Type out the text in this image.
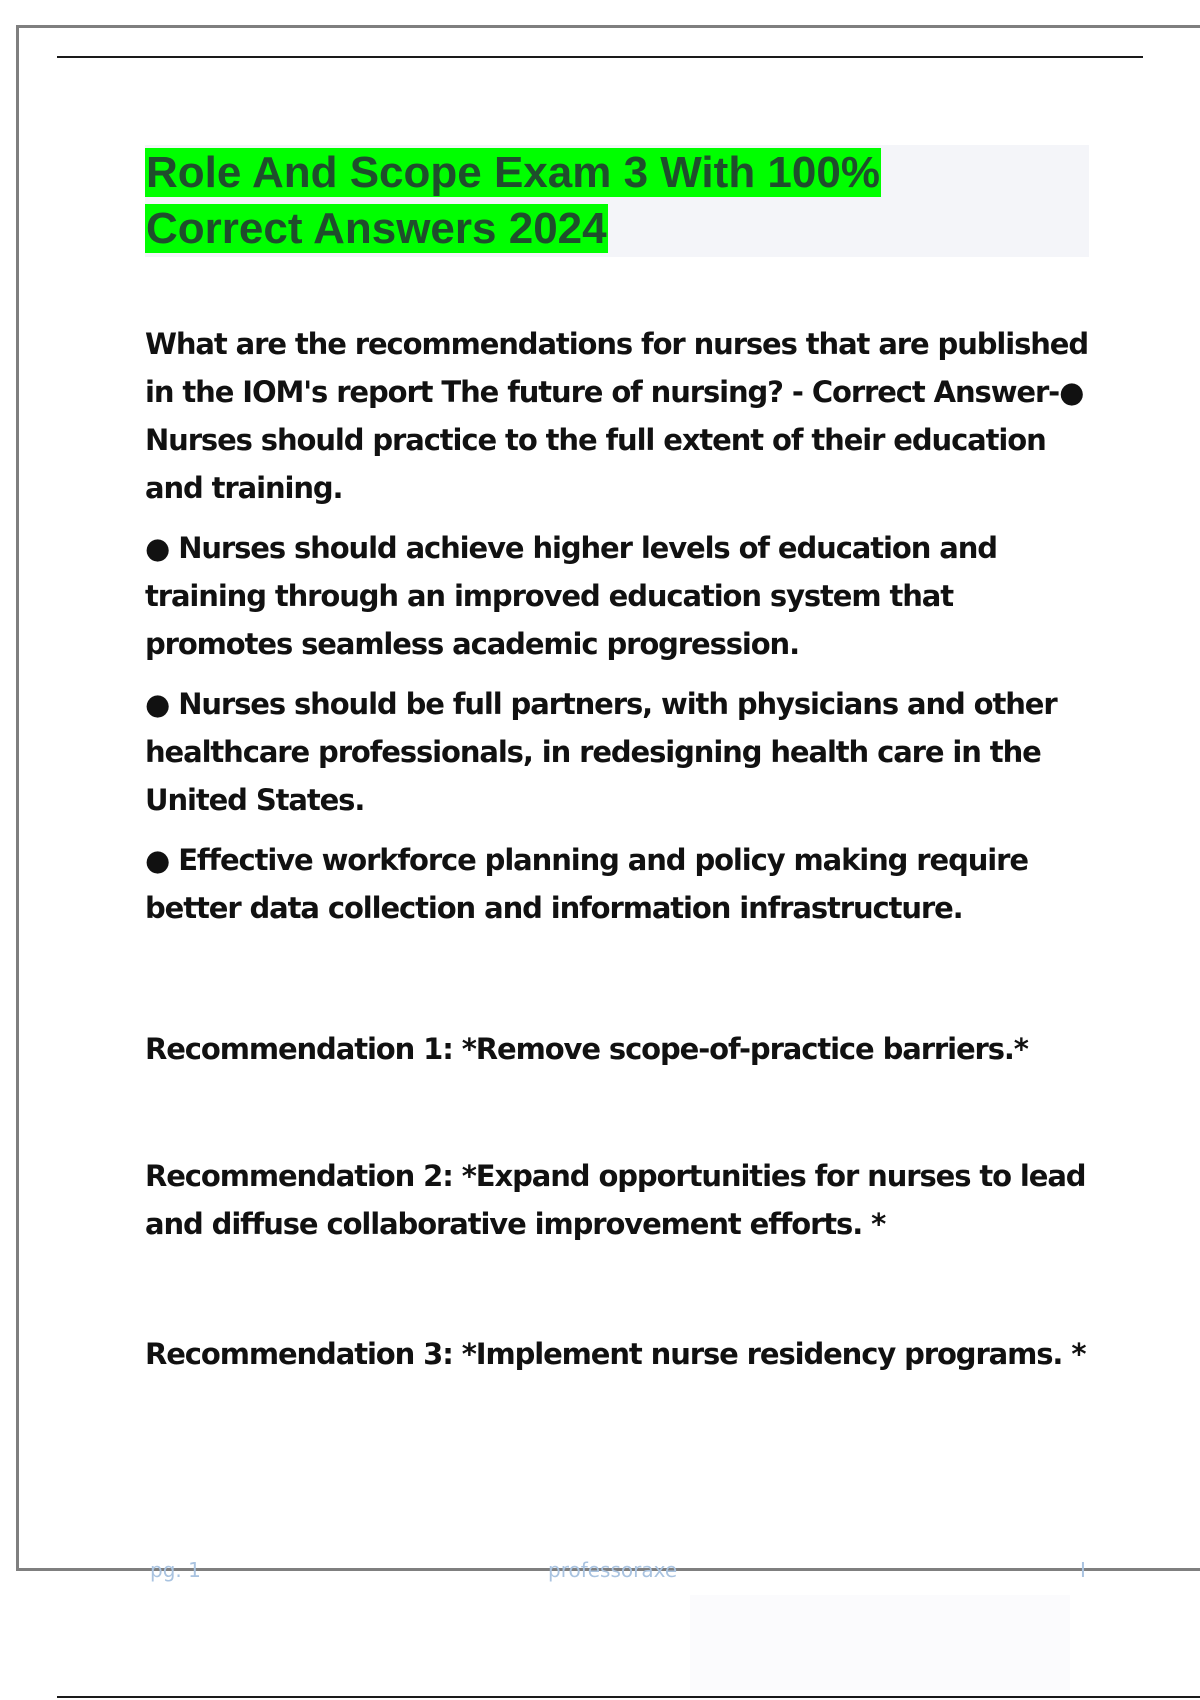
Role And Scope Exam 3 With 100%
Correct Answers 2024

What are the recommendations for nurses that are published in the IOM's report The future of nursing? - Correct Answer-● Nurses should practice to the full extent of their education and training.

● Nurses should achieve higher levels of education and training through an improved education system that promotes seamless academic progression.

● Nurses should be full partners, with physicians and other healthcare professionals, in redesigning health care in the United States.

● Effective workforce planning and policy making require better data collection and information infrastructure.

Recommendation 1: *Remove scope-of-practice barriers.*

Recommendation 2: *Expand opportunities for nurses to lead and diffuse collaborative improvement efforts. *

Recommendation 3: *Implement nurse residency programs. *

pg. 1	professoraxe	I
